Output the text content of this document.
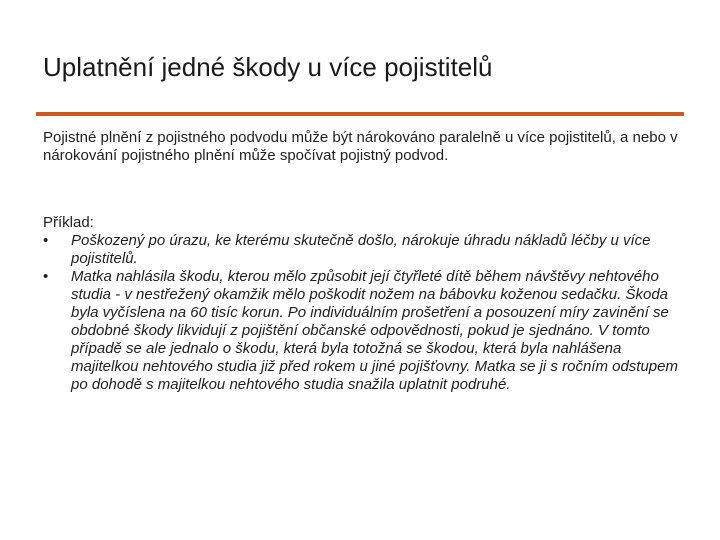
Uplatnění jedné škody u více pojistitelů

Pojistné plnění z pojistného podvodu může být nárokováno paralelně u více pojistitelů, a nebo v nárokování pojistného plnění může spočívat pojistný podvod.

Příklad:

•	Poškozený po úrazu, ke kterému skutečně došlo, nárokuje úhradu nákladů léčby u více pojistitelů.
•	Matka nahlásila škodu, kterou mělo způsobit její čtyřleté dítě během návštěvy nehtového studia - v nestřežený okamžik mělo poškodit nožem na bábovku koženou sedačku. Škoda byla vyčíslena na 60 tisíc korun. Po individuálním prošetření a posouzení míry zavinění se obdobné škody likvidují z pojištění občanské odpovědnosti, pokud je sjednáno. V tomto případě se ale jednalo o škodu, která byla totožná se škodou, která byla nahlášena majitelkou nehtového studia již před rokem u jiné pojišťovny. Matka se ji s ročním odstupem po dohodě s majitelkou nehtového studia snažila uplatnit podruhé.
